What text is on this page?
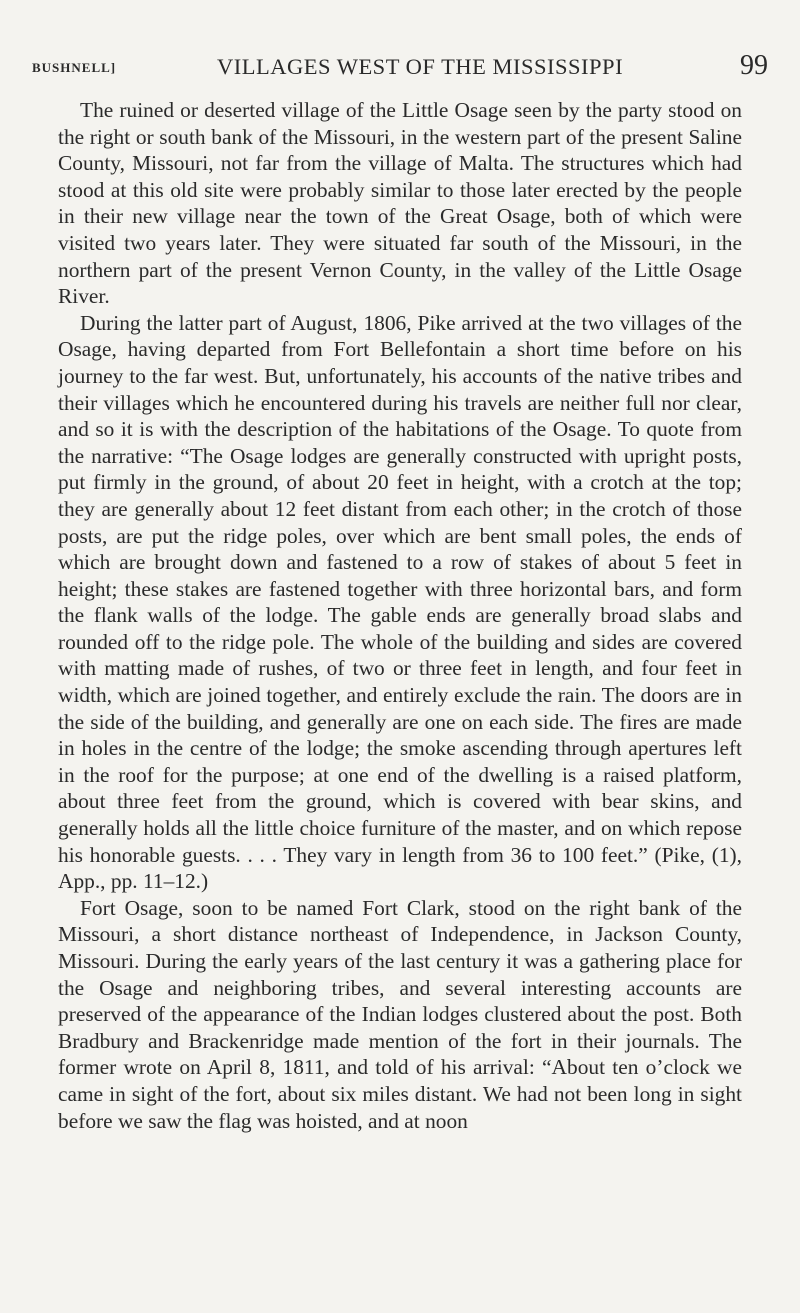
BUSHNELL]	VILLAGES WEST OF THE MISSISSIPPI	99

The ruined or deserted village of the Little Osage seen by the party stood on the right or south bank of the Missouri, in the western part of the present Saline County, Missouri, not far from the village of Malta. The structures which had stood at this old site were probably similar to those later erected by the people in their new village near the town of the Great Osage, both of which were visited two years later. They were situated far south of the Missouri, in the northern part of the present Vernon County, in the valley of the Little Osage River.

During the latter part of August, 1806, Pike arrived at the two villages of the Osage, having departed from Fort Bellefontain a short time before on his journey to the far west. But, unfortunately, his accounts of the native tribes and their villages which he encountered during his travels are neither full nor clear, and so it is with the description of the habitations of the Osage. To quote from the narrative: “The Osage lodges are generally constructed with upright posts, put firmly in the ground, of about 20 feet in height, with a crotch at the top; they are generally about 12 feet distant from each other; in the crotch of those posts, are put the ridge poles, over which are bent small poles, the ends of which are brought down and fastened to a row of stakes of about 5 feet in height; these stakes are fastened together with three horizontal bars, and form the flank walls of the lodge. The gable ends are generally broad slabs and rounded off to the ridge pole. The whole of the building and sides are covered with matting made of rushes, of two or three feet in length, and four feet in width, which are joined together, and entirely exclude the rain. The doors are in the side of the building, and generally are one on each side. The fires are made in holes in the centre of the lodge; the smoke ascending through apertures left in the roof for the purpose; at one end of the dwelling is a raised platform, about three feet from the ground, which is covered with bear skins, and generally holds all the little choice furniture of the master, and on which repose his honorable guests. . . . They vary in length from 36 to 100 feet.” (Pike, (1), App., pp. 11–12.)

Fort Osage, soon to be named Fort Clark, stood on the right bank of the Missouri, a short distance northeast of Independence, in Jackson County, Missouri. During the early years of the last century it was a gathering place for the Osage and neighboring tribes, and several interesting accounts are preserved of the appearance of the Indian lodges clustered about the post. Both Bradbury and Brackenridge made mention of the fort in their journals. The former wrote on April 8, 1811, and told of his arrival: “About ten o’clock we came in sight of the fort, about six miles distant. We had not been long in sight before we saw the flag was hoisted, and at noon
